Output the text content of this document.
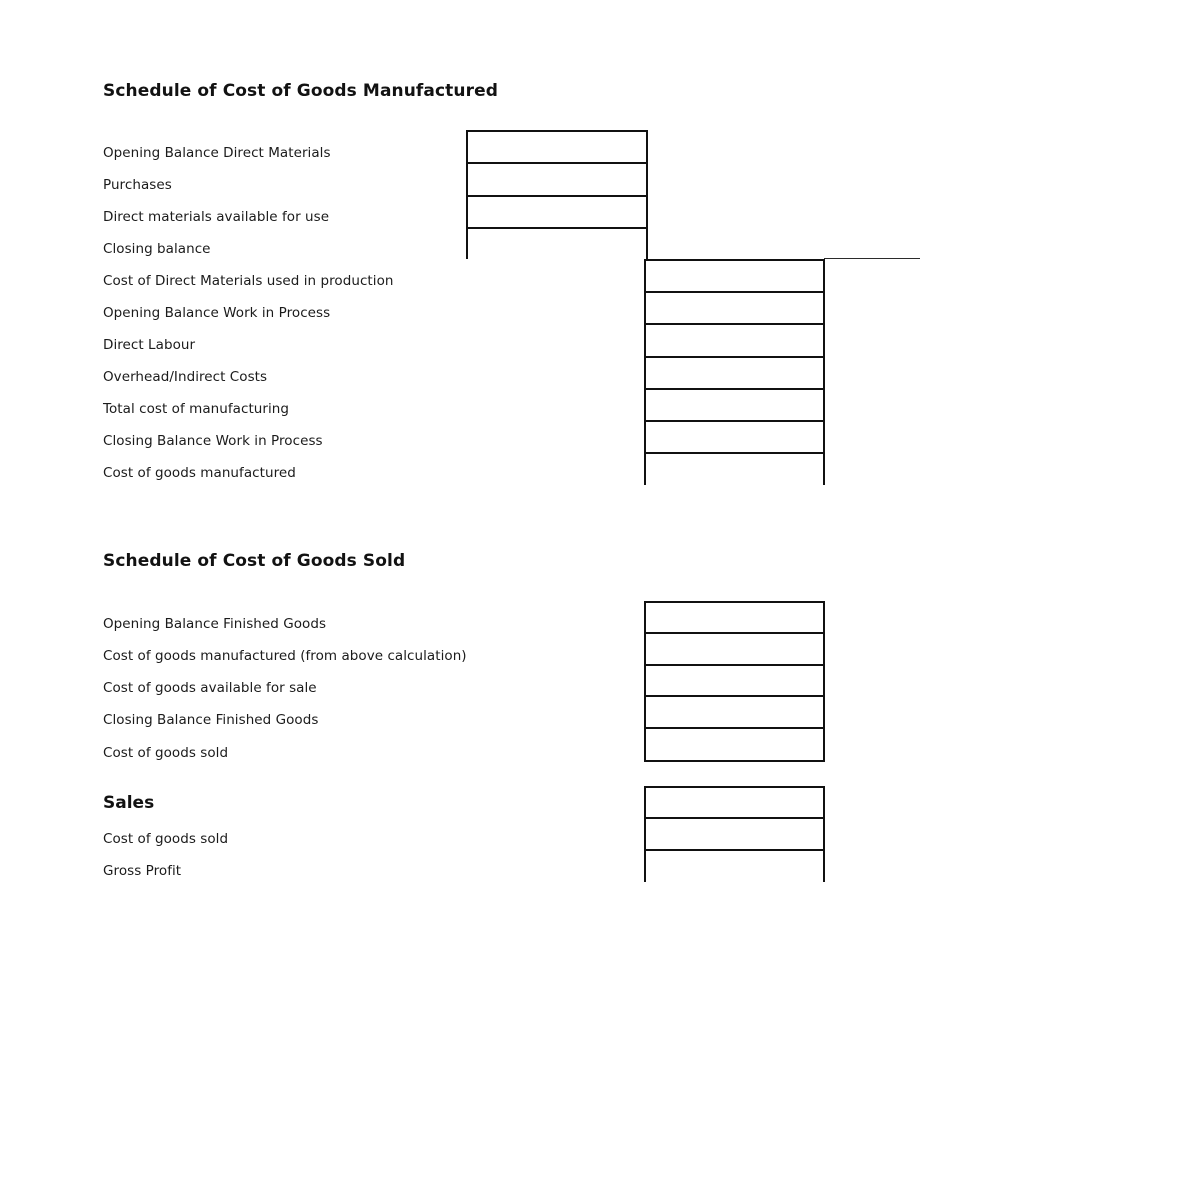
Schedule of Cost of Goods Manufactured
Opening Balance Direct Materials
Purchases
Direct materials available for use
Closing balance
Cost of Direct Materials used in production
Opening Balance Work in Process
Direct Labour
Overhead/Indirect Costs
Total cost of manufacturing
Closing Balance Work in Process
Cost of goods manufactured
Schedule of Cost of Goods Sold
Opening Balance Finished Goods
Cost of goods manufactured (from above calculation)
Cost of goods available for sale
Closing Balance Finished Goods
Cost of goods sold
Sales
Cost of goods sold
Gross Profit
